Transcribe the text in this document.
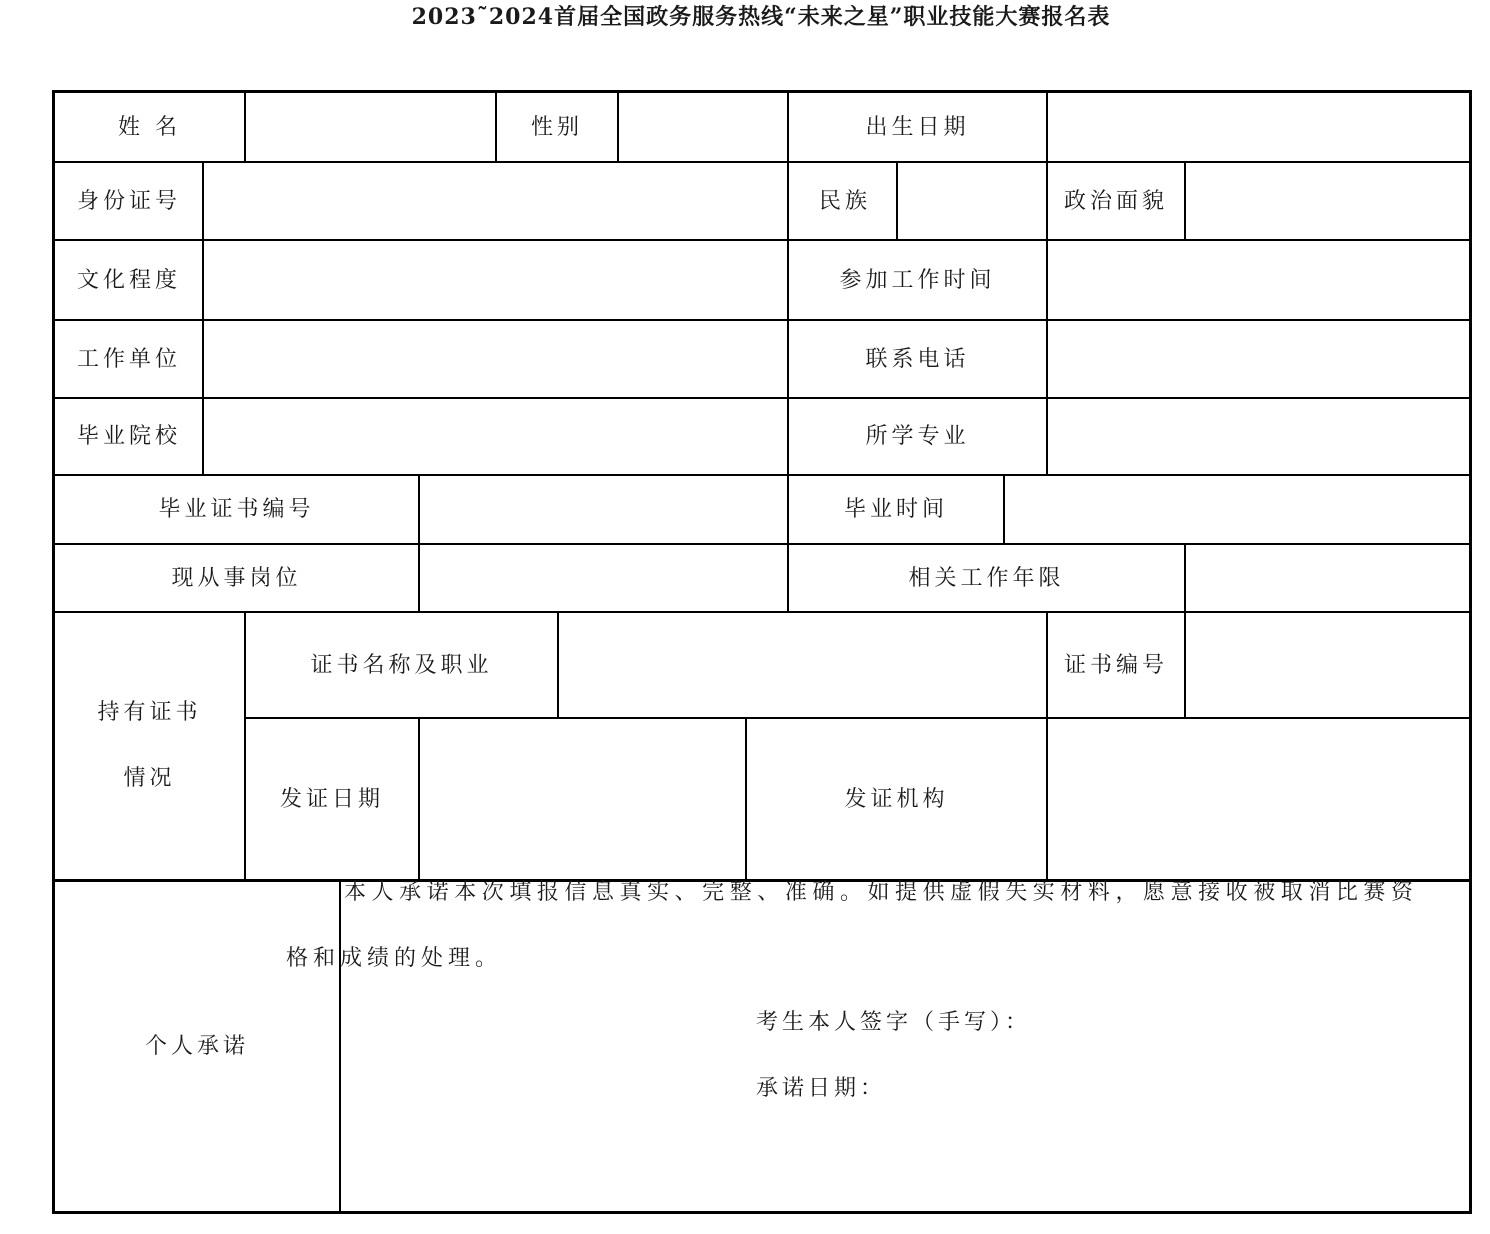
2023˜2024首届全国政务服务热线“未来之星”职业技能大赛报名表
姓 名	性别	出生日期
身份证号	民族	政治面貌
文化程度	参加工作时间
工作单位	联系电话
毕业院校	所学专业
毕业证书编号	毕业时间
现从事岗位	相关工作年限
持有证书
情况
证书名称及职业	证书编号
发证日期	发证机构
个人承诺
本人承诺本次填报信息真实、完整、准确。如提供虚假失实材料，愿意接收被取消比赛资格和成绩的处理。
考生本人签字（手写）：
承诺日期：
